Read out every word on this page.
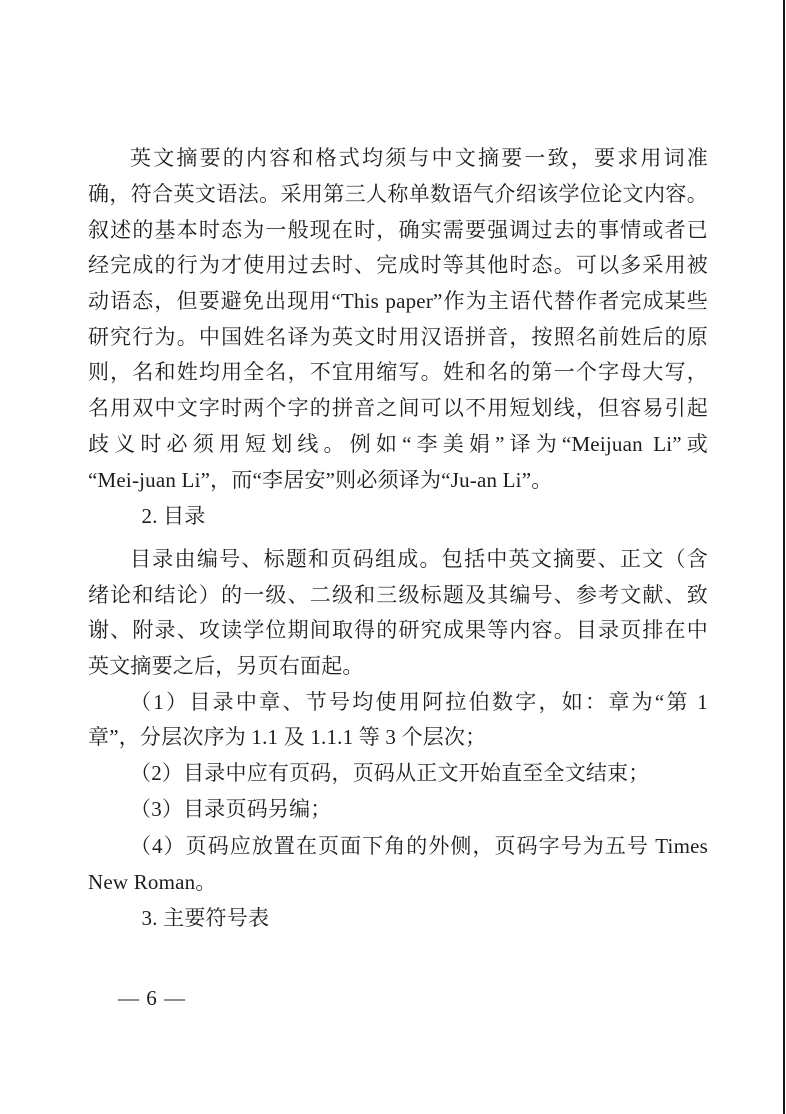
英文摘要的内容和格式均须与中文摘要一致，要求用词准
确，符合英文语法。采用第三人称单数语气介绍该学位论文内容。
叙述的基本时态为一般现在时，确实需要强调过去的事情或者已
经完成的行为才使用过去时、完成时等其他时态。可以多采用被
动语态，但要避免出现用“This paper”作为主语代替作者完成某些
研究行为。中国姓名译为英文时用汉语拼音，按照名前姓后的原
则，名和姓均用全名，不宜用缩写。姓和名的第一个字母大写，
名用双中文字时两个字的拼音之间可以不用短划线，但容易引起
歧义时必须用短划线。例如“李美娟”译为“Meijuan Li”或
“Mei-juan Li”，而“李居安”则必须译为“Ju-an Li”。
2. 目录
目录由编号、标题和页码组成。包括中英文摘要、正文（含
绪论和结论）的一级、二级和三级标题及其编号、参考文献、致
谢、附录、攻读学位期间取得的研究成果等内容。目录页排在中
英文摘要之后，另页右面起。
（1）目录中章、节号均使用阿拉伯数字，如：章为“第 1
章”，分层次序为 1.1 及 1.1.1 等 3 个层次；
（2）目录中应有页码，页码从正文开始直至全文结束；
（3）目录页码另编；
（4）页码应放置在页面下角的外侧，页码字号为五号 Times
New Roman。
3. 主要符号表
— 6 —
